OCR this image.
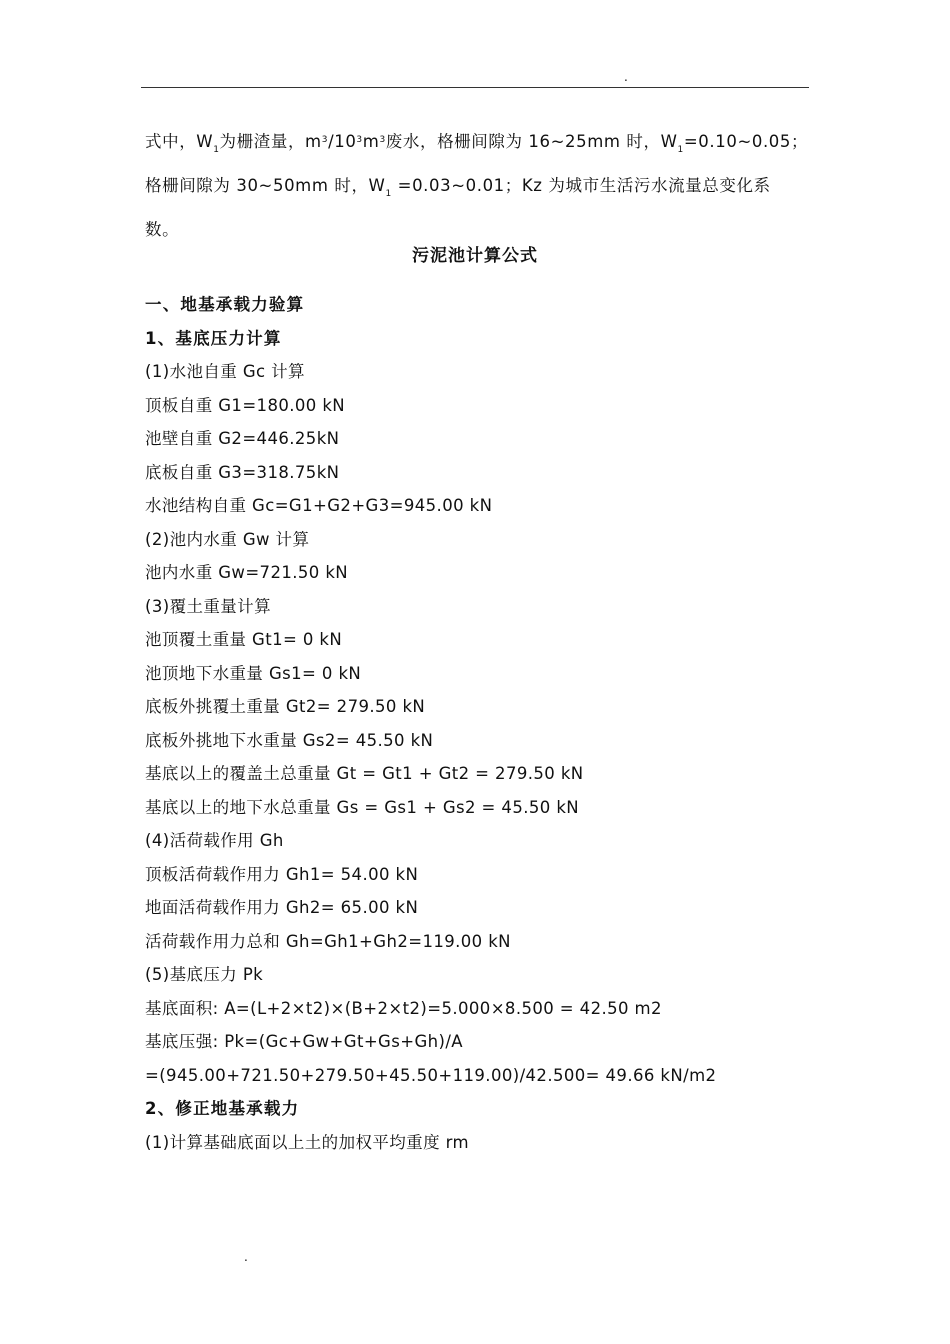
.
式中，$W_1$为栅渣量，$m^3/10^3m^3$废水，格栅间隙为 16~25mm 时，$W_1=0.10\sim 0.05$；
格栅间隙为 30~50mm 时，$W_1$ =0.03~0.01；Kz 为城市生活污水流量总变化系
数。
污泥池计算公式
一、地基承载力验算
1、基底压力计算
(1)水池自重 Gc 计算
顶板自重 G1=180.00 kN
池壁自重 G2=446.25kN
底板自重 G3=318.75kN
水池结构自重 Gc=G1+G2+G3=945.00 kN
(2)池内水重 Gw 计算
池内水重 Gw=721.50 kN
(3)覆土重量计算
池顶覆土重量 Gt1= 0 kN
池顶地下水重量 Gs1= 0 kN
底板外挑覆土重量 Gt2= 279.50 kN
底板外挑地下水重量 Gs2= 45.50 kN
基底以上的覆盖土总重量 Gt = Gt1 + Gt2 = 279.50 kN
基底以上的地下水总重量 Gs = Gs1 + Gs2 = 45.50 kN
(4)活荷载作用 Gh
顶板活荷载作用力 Gh1= 54.00 kN
地面活荷载作用力 Gh2= 65.00 kN
活荷载作用力总和 Gh=Gh1+Gh2=119.00 kN
(5)基底压力 Pk
基底面积: A=(L+2×t2)×(B+2×t2)=5.000×8.500 = 42.50 m2
基底压强: Pk=(Gc+Gw+Gt+Gs+Gh)/A
=(945.00+721.50+279.50+45.50+119.00)/42.500= 49.66 kN/m2
2、修正地基承载力
(1)计算基础底面以上土的加权平均重度 rm
.
